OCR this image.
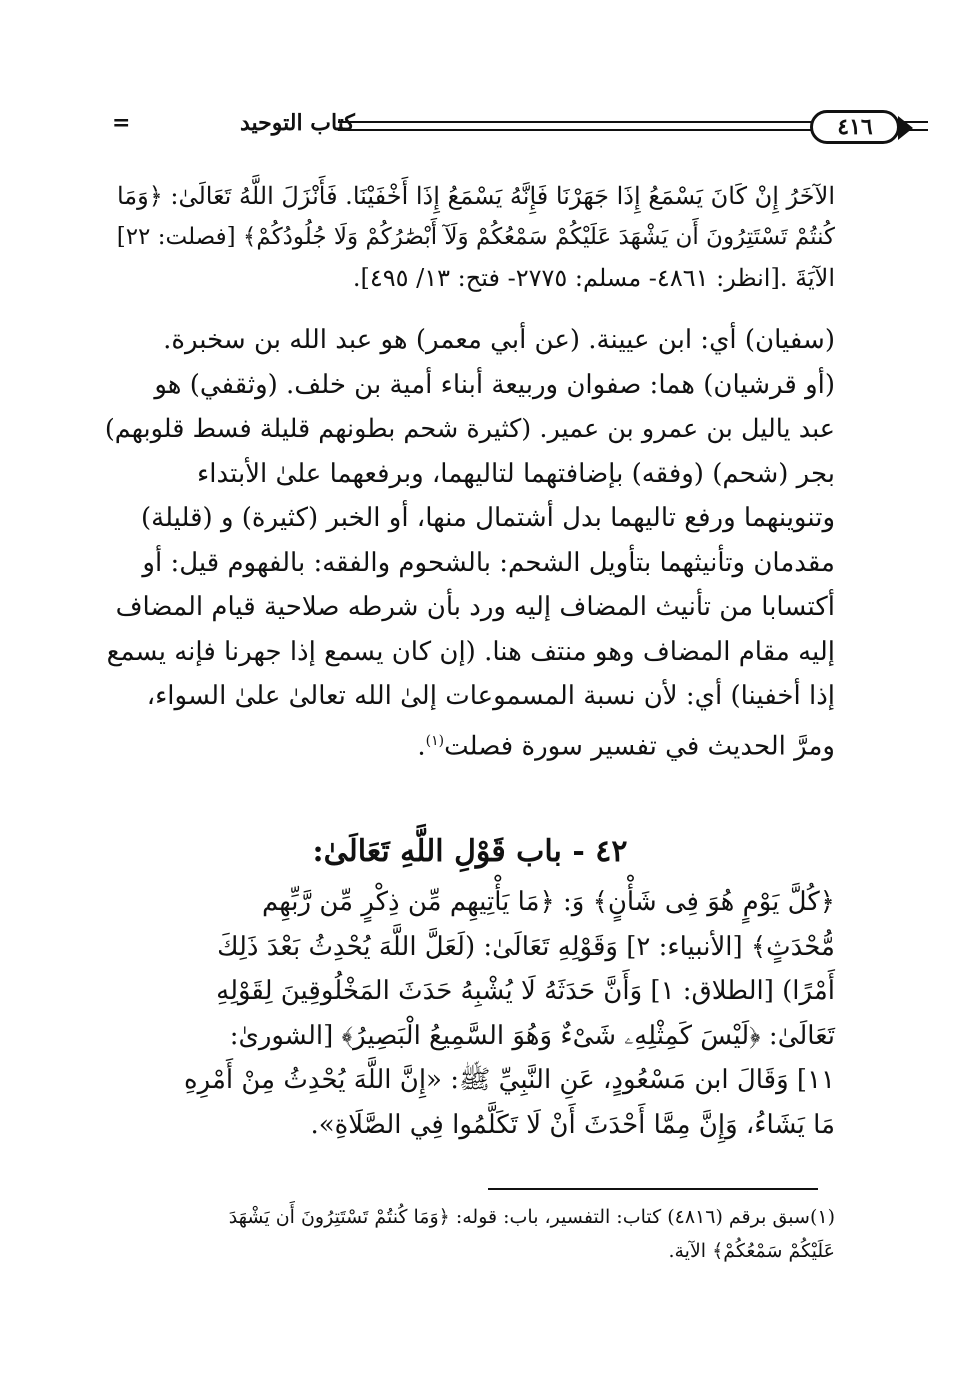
=	كتاب التوحيد	٤١٦
الآخَرُ إِنْ كَانَ يَسْمَعُ إِذَا جَهَرْنَا فَإِنَّهُ يَسْمَعُ إِذَا أَخْفَيْنَا. فَأَنْزَلَ اللَّهُ تَعَالَىٰ: ﴿وَمَا
كُنتُمْ تَسْتَتِرُونَ أَن يَشْهَدَ عَلَيْكُمْ سَمْعُكُمْ وَلَآ أَبْصَٰرُكُمْ وَلَا جُلُودُكُمْ﴾ [فصلت: ٢٢]
الآيَةَ .[انظر: ٤٨٦١- مسلم: ٢٧٧٥- فتح: ١٣/ ٤٩٥].
(سفيان) أي: ابن عيينة. (عن أبي معمر) هو عبد الله بن سخبرة.
(أو قرشيان) هما: صفوان وربيعة أبناء أمية بن خلف. (وثقفي) هو
عبد ياليل بن عمرو بن عمير. (كثيرة شحم بطونهم قليلة فسط قلوبهم)
بجر (شحم) (وفقه) بإضافتهما لتاليهما، وبرفعهما علىٰ الأبتداء
وتنوينهما ورفع تاليهما بدل أشتمال منها، أو الخبر (كثيرة) و (قليلة)
مقدمان وتأنيثهما بتأويل الشحم: بالشحوم والفقه: بالفهوم قيل: أو
أكتسابا من تأنيث المضاف إليه ورد بأن شرطه صلاحية قيام المضاف
إليه مقام المضاف وهو منتف هنا. (إن كان يسمع إذا جهرنا فإنه يسمع
إذا أخفينا) أي: لأن نسبة المسموعات إلىٰ الله تعالىٰ علىٰ السواء،
ومرَّ الحديث في تفسير سورة فصلت$^{(١)}$.
٤٢ - باب قَوْلِ اللَّهِ تَعَالَىٰ:
﴿كُلَّ يَوْمٍ هُوَ فِى شَأْنٍ﴾ وَ: ﴿مَا يَأْتِيهِم مِّن ذِكْرٍ مِّن رَّبِّهِم
مُّحْدَثٍ﴾ [الأنبياء: ٢] وَقَوْلِهِ تَعَالَىٰ: (لَعَلَّ اللَّهَ يُحْدِثُ بَعْدَ ذَلِكَ
أَمْرًا) [الطلاق: ١] وَأَنَّ حَدَثَهُ لَا يُشْبِهُ حَدَثَ المَخْلُوقِينَ لِقَوْلِهِ
تَعَالَىٰ: ﴿لَيْسَ كَمِثْلِهِۦ شَىْءٌ وَهُوَ السَّمِيعُ الْبَصِيرُ﴾ [الشورىٰ:
١١] وَقَالَ ابن مَسْعُودٍ، عَنِ النَّبِيِّ ﷺ: «إِنَّ اللَّهَ يُحْدِثُ مِنْ أَمْرِهِ
مَا يَشَاءُ، وَإِنَّ مِمَّا أَحْدَثَ أَنْ لَا تَكَلَّمُوا فِي الصَّلَاةِ».
(١)سبق برقم (٤٨١٦) كتاب: التفسير، باب: قوله: ﴿وَمَا كُنتُمْ تَسْتَتِرُونَ أَن يَشْهَدَ
عَلَيْكُمْ سَمْعُكُمْ﴾ الآية.
